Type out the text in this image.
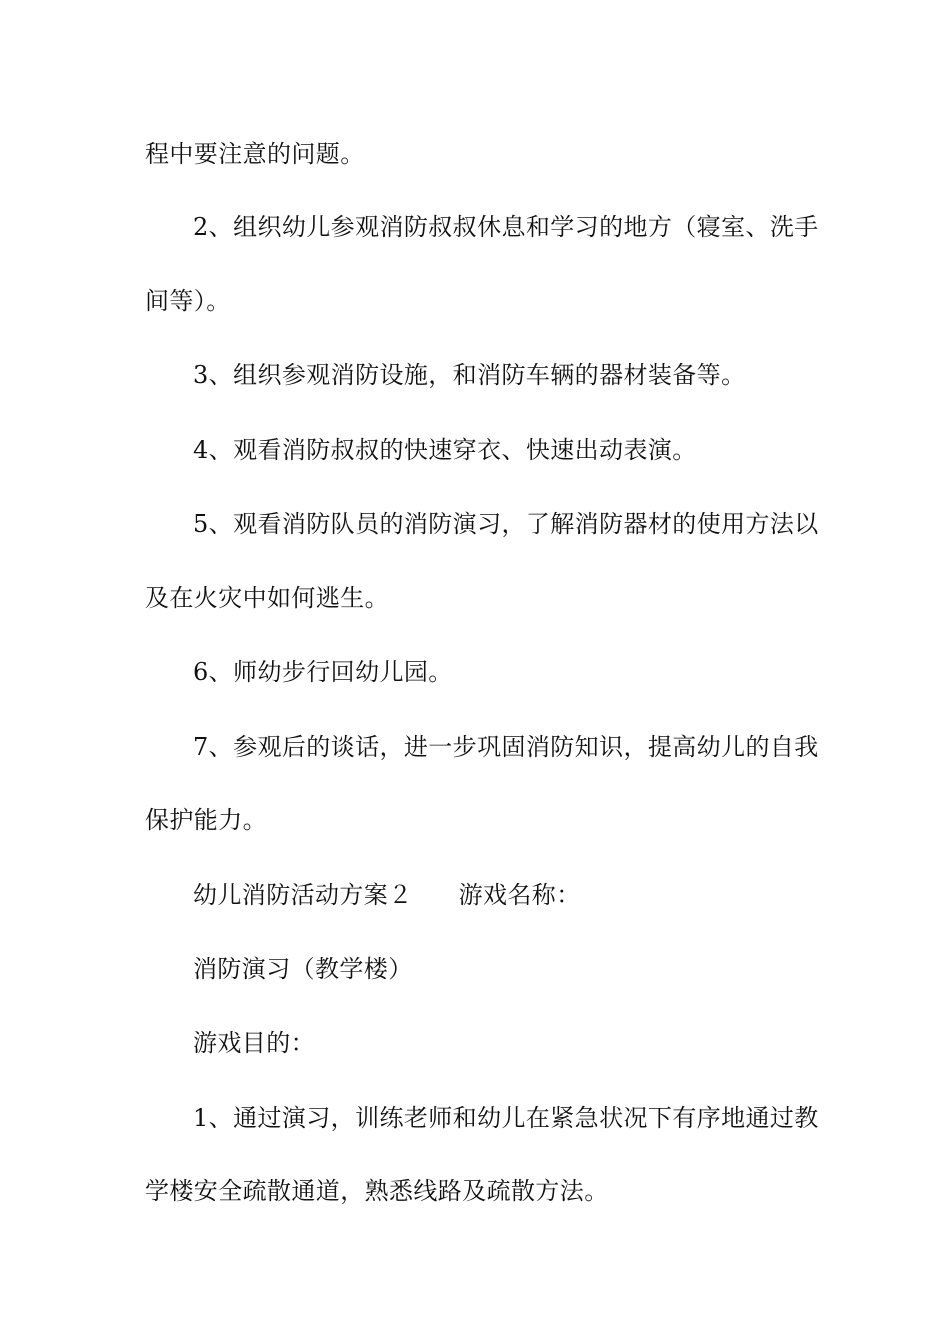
程中要注意的问题。
2、组织幼儿参观消防叔叔休息和学习的地方（寝室、洗手
间等）。
3、组织参观消防设施，和消防车辆的器材装备等。
4、观看消防叔叔的快速穿衣、快速出动表演。
5、观看消防队员的消防演习，了解消防器材的使用方法以
及在火灾中如何逃生。
6、师幼步行回幼儿园。
7、参观后的谈话，进一步巩固消防知识，提高幼儿的自我
保护能力。
幼儿消防活动方案２ 游戏名称：
消防演习（教学楼）
游戏目的：
1、通过演习，训练老师和幼儿在紧急状况下有序地通过教
学楼安全疏散通道，熟悉线路及疏散方法。
